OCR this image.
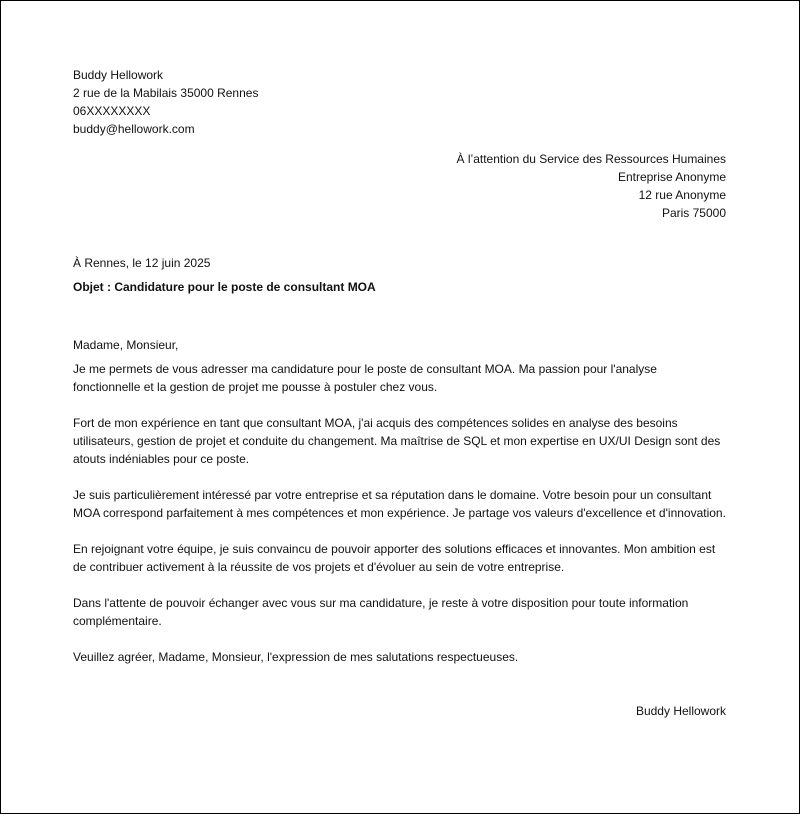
Buddy Hellowork
2 rue de la Mabilais 35000 Rennes
06XXXXXXXX
buddy@hellowork.com
À l’attention du Service des Ressources Humaines
Entreprise Anonyme
12 rue Anonyme
Paris 75000
À Rennes, le 12 juin 2025
Objet : Candidature pour le poste de consultant MOA
Madame, Monsieur,

Je me permets de vous adresser ma candidature pour le poste de consultant MOA. Ma passion pour l'analyse fonctionnelle et la gestion de projet me pousse à postuler chez vous.

Fort de mon expérience en tant que consultant MOA, j'ai acquis des compétences solides en analyse des besoins utilisateurs, gestion de projet et conduite du changement. Ma maîtrise de SQL et mon expertise en UX/UI Design sont des atouts indéniables pour ce poste.

Je suis particulièrement intéressé par votre entreprise et sa réputation dans le domaine. Votre besoin pour un consultant MOA correspond parfaitement à mes compétences et mon expérience. Je partage vos valeurs d'excellence et d'innovation.

En rejoignant votre équipe, je suis convaincu de pouvoir apporter des solutions efficaces et innovantes. Mon ambition est de contribuer activement à la réussite de vos projets et d'évoluer au sein de votre entreprise.

Dans l'attente de pouvoir échanger avec vous sur ma candidature, je reste à votre disposition pour toute information complémentaire.

Veuillez agréer, Madame, Monsieur, l'expression de mes salutations respectueuses.

Buddy Hellowork
